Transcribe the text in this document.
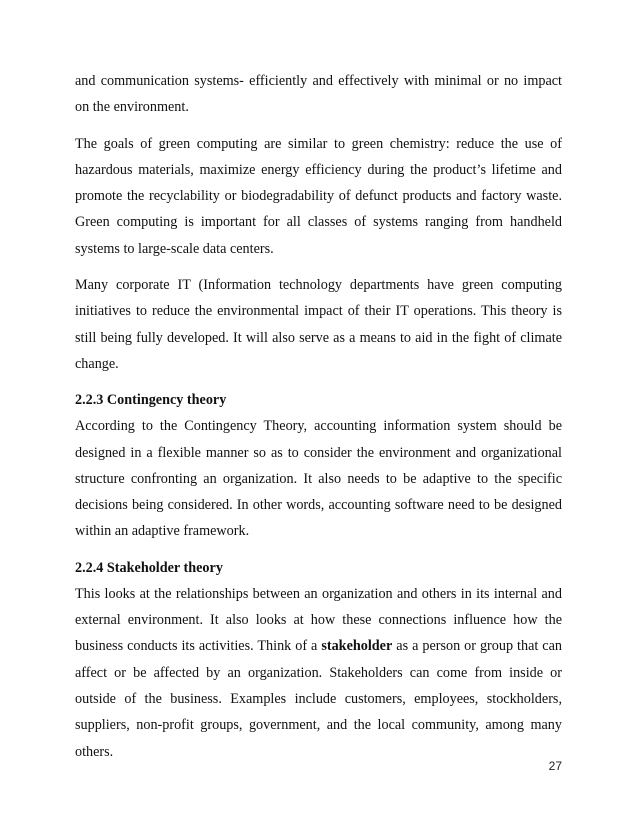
and communication systems- efficiently and effectively with minimal or no impact on the environment.

The goals of green computing are similar to green chemistry: reduce the use of hazardous materials, maximize energy efficiency during the product’s lifetime and promote the recyclability or biodegradability of defunct products and factory waste. Green computing is important for all classes of systems ranging from handheld systems to large-scale data centers.

Many corporate IT (Information technology departments have green computing initiatives to reduce the environmental impact of their IT operations. This theory is still being fully developed. It will also serve as a means to aid in the fight of climate change.

2.2.3 Contingency theory

According to the Contingency Theory, accounting information system should be designed in a flexible manner so as to consider the environment and organizational structure confronting an organization. It also needs to be adaptive to the specific decisions being considered. In other words, accounting software need to be designed within an adaptive framework.

2.2.4 Stakeholder theory

This looks at the relationships between an organization and others in its internal and external environment. It also looks at how these connections influence how the business conducts its activities. Think of a stakeholder as a person or group that can affect or be affected by an organization. Stakeholders can come from inside or outside of the business. Examples include customers, employees, stockholders, suppliers, non-profit groups, government, and the local community, among many others.

27
